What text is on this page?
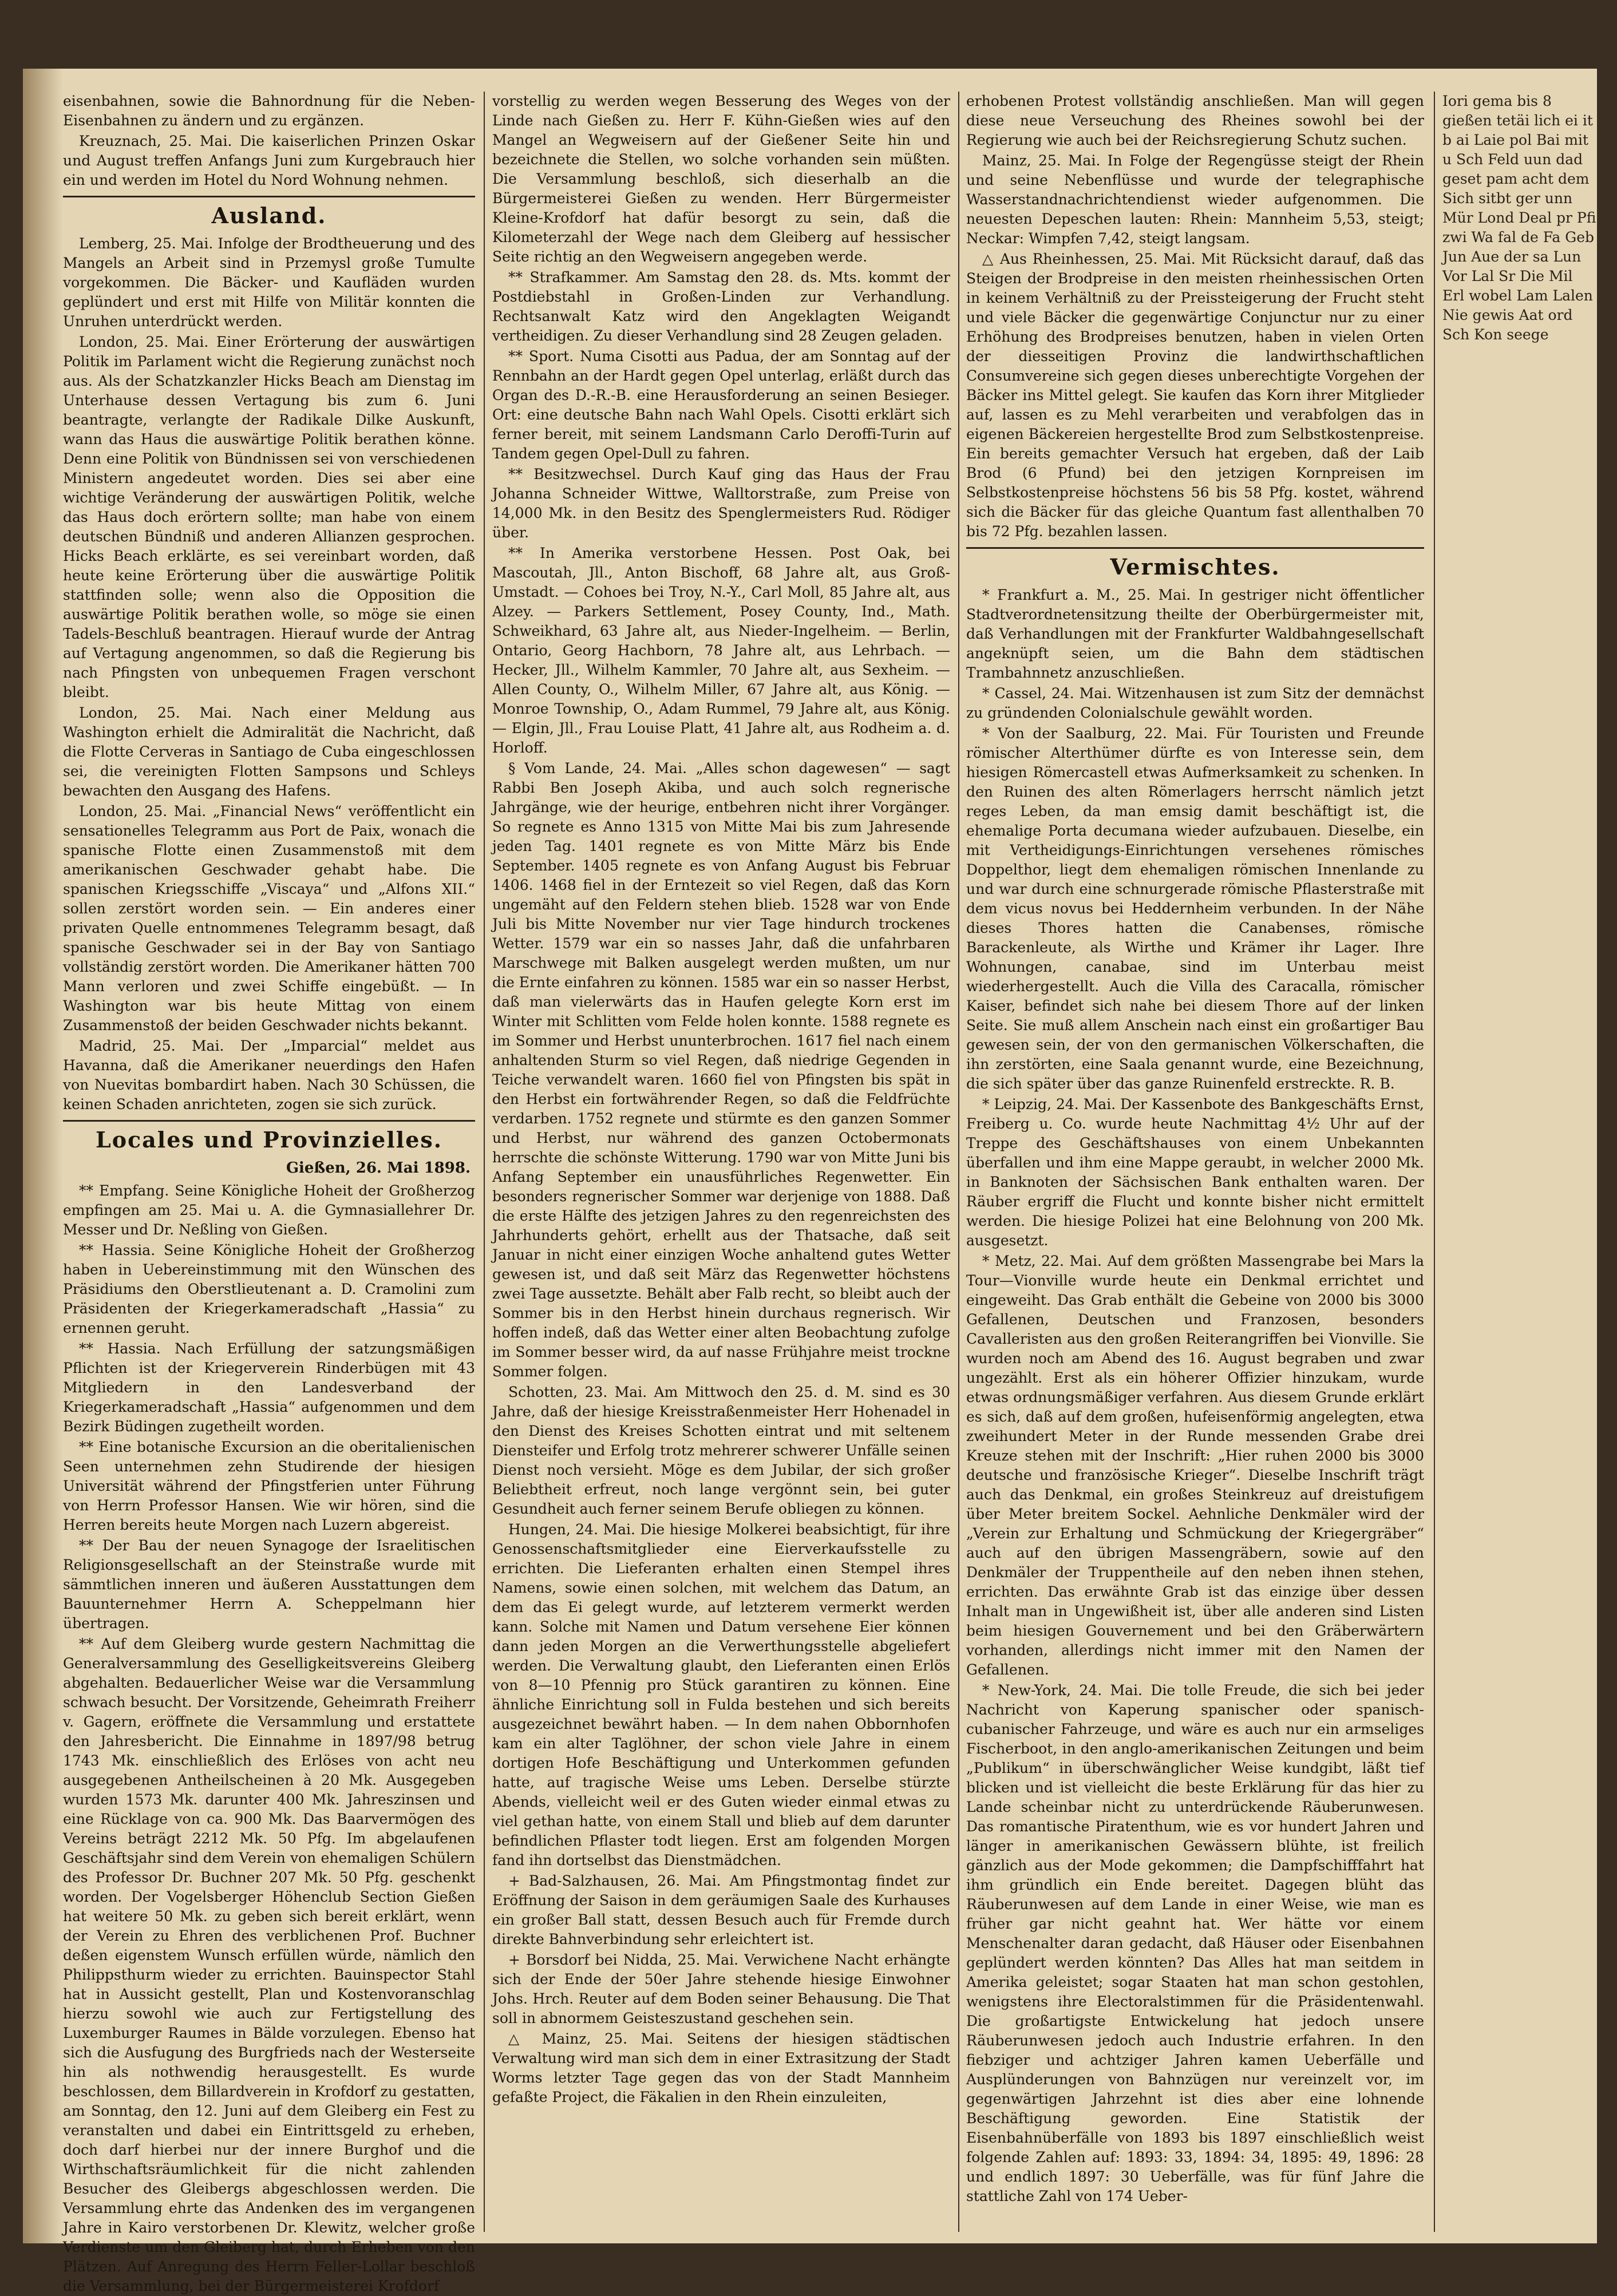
eisenbahnen, sowie die Bahnordnung für die Neben-Eisenbahnen zu ändern und zu ergänzen.

Kreuznach, 25. Mai. Die kaiserlichen Prinzen Oskar und August treffen Anfangs Juni zum Kurgebrauch hier ein und werden im Hotel du Nord Wohnung nehmen.

Ausland.

Lemberg, 25. Mai. Infolge der Brodtheuerung und des Mangels an Arbeit sind in Przemysl große Tumulte vorgekommen. Die Bäcker- und Kaufläden wurden geplündert und erst mit Hilfe von Militär konnten die Unruhen unterdrückt werden.

London, 25. Mai. Einer Erörterung der auswärtigen Politik im Parlament wicht die Regierung zunächst noch aus. Als der Schatzkanzler Hicks Beach am Dienstag im Unterhause dessen Vertagung bis zum 6. Juni beantragte, verlangte der Radikale Dilke Auskunft, wann das Haus die auswärtige Politik berathen könne. Denn eine Politik von Bündnissen sei von verschiedenen Ministern angedeutet worden. Dies sei aber eine wichtige Veränderung der auswärtigen Politik, welche das Haus doch erörtern sollte; man habe von einem deutschen Bündniß und anderen Allianzen gesprochen. Hicks Beach erklärte, es sei vereinbart worden, daß heute keine Erörterung über die auswärtige Politik stattfinden solle; wenn also die Opposition die auswärtige Politik berathen wolle, so möge sie einen Tadels-Beschluß beantragen. Hierauf wurde der Antrag auf Vertagung angenommen, so daß die Regierung bis nach Pfingsten von unbequemen Fragen verschont bleibt.

London, 25. Mai. Nach einer Meldung aus Washington erhielt die Admiralität die Nachricht, daß die Flotte Cerveras in Santiago de Cuba eingeschlossen sei, die vereinigten Flotten Sampsons und Schleys bewachten den Ausgang des Hafens.

London, 25. Mai. „Financial News“ veröffentlicht ein sensationelles Telegramm aus Port de Paix, wonach die spanische Flotte einen Zusammenstoß mit dem amerikanischen Geschwader gehabt habe. Die spanischen Kriegsschiffe „Viscaya“ und „Alfons XII.“ sollen zerstört worden sein. — Ein anderes einer privaten Quelle entnommenes Telegramm besagt, daß spanische Geschwader sei in der Bay von Santiago vollständig zerstört worden. Die Amerikaner hätten 700 Mann verloren und zwei Schiffe eingebüßt. — In Washington war bis heute Mittag von einem Zusammenstoß der beiden Geschwader nichts bekannt.

Madrid, 25. Mai. Der „Imparcial“ meldet aus Havanna, daß die Amerikaner neuerdings den Hafen von Nuevitas bombardirt haben. Nach 30 Schüssen, die keinen Schaden anrichteten, zogen sie sich zurück.

Locales und Provinzielles.
Gießen, 26. Mai 1898.

** Empfang. Seine Königliche Hoheit der Großherzog empfingen am 25. Mai u. A. die Gymnasiallehrer Dr. Messer und Dr. Neßling von Gießen.

** Hassia. Seine Königliche Hoheit der Großherzog haben in Uebereinstimmung mit den Wünschen des Präsidiums den Oberstlieutenant a. D. Cramolini zum Präsidenten der Kriegerkameradschaft „Hassia“ zu ernennen geruht.

** Hassia. Nach Erfüllung der satzungsmäßigen Pflichten ist der Kriegerverein Rinderbügen mit 43 Mitgliedern in den Landesverband der Kriegerkameradschaft „Hassia“ aufgenommen und dem Bezirk Büdingen zugetheilt worden.

** Eine botanische Excursion an die oberitalienischen Seen unternehmen zehn Studirende der hiesigen Universität während der Pfingstferien unter Führung von Herrn Professor Hansen. Wie wir hören, sind die Herren bereits heute Morgen nach Luzern abgereist.

** Der Bau der neuen Synagoge der Israelitischen Religionsgesellschaft an der Steinstraße wurde mit sämmtlichen inneren und äußeren Ausstattungen dem Bauunternehmer Herrn A. Scheppelmann hier übertragen.

** Auf dem Gleiberg wurde gestern Nachmittag die Generalversammlung des Geselligkeitsvereins Gleiberg abgehalten. Bedauerlicher Weise war die Versammlung schwach besucht. Der Vorsitzende, Geheimrath Freiherr v. Gagern, eröffnete die Versammlung und erstattete den Jahresbericht. Die Einnahme in 1897/98 betrug 1743 Mk. einschließlich des Erlöses von acht neu ausgegebenen Antheilscheinen à 20 Mk. Ausgegeben wurden 1573 Mk. darunter 400 Mk. Jahreszinsen und eine Rücklage von ca. 900 Mk. Das Baarvermögen des Vereins beträgt 2212 Mk. 50 Pfg. Im abgelaufenen Geschäftsjahr sind dem Verein von ehemaligen Schülern des Professor Dr. Buchner 207 Mk. 50 Pfg. geschenkt worden. Der Vogelsberger Höhenclub Section Gießen hat weitere 50 Mk. zu geben sich bereit erklärt, wenn der Verein zu Ehren des verblichenen Prof. Buchner deßen eigenstem Wunsch erfüllen würde, nämlich den Philippsthurm wieder zu errichten. Bauinspector Stahl hat in Aussicht gestellt, Plan und Kostenvoranschlag hierzu sowohl wie auch zur Fertigstellung des Luxemburger Raumes in Bälde vorzulegen. Ebenso hat sich die Ausfugung des Burgfrieds nach der Westerseite hin als nothwendig herausgestellt. Es wurde beschlossen, dem Billardverein in Krofdorf zu gestatten, am Sonntag, den 12. Juni auf dem Gleiberg ein Fest zu veranstalten und dabei ein Eintrittsgeld zu erheben, doch darf hierbei nur der innere Burghof und die Wirthschaftsräumlichkeit für die nicht zahlenden Besucher des Gleibergs abgeschlossen werden. Die Versammlung ehrte das Andenken des im vergangenen Jahre in Kairo verstorbenen Dr. Klewitz, welcher große Verdienste um den Gleiberg hat, durch Erheben von den Plätzen. Auf Anregung des Herrn Feller-Lollar beschloß die Versammlung, bei der Bürgermeisterei Krofdorf

vorstellig zu werden wegen Besserung des Weges von der Linde nach Gießen zu. Herr F. Kühn-Gießen wies auf den Mangel an Wegweisern auf der Gießener Seite hin und bezeichnete die Stellen, wo solche vorhanden sein müßten. Die Versammlung beschloß, sich dieserhalb an die Bürgermeisterei Gießen zu wenden. Herr Bürgermeister Kleine-Krofdorf hat dafür besorgt zu sein, daß die Kilometerzahl der Wege nach dem Gleiberg auf hessischer Seite richtig an den Wegweisern angegeben werde.

** Strafkammer. Am Samstag den 28. ds. Mts. kommt der Postdiebstahl in Großen-Linden zur Verhandlung. Rechtsanwalt Katz wird den Angeklagten Weigandt vertheidigen. Zu dieser Verhandlung sind 28 Zeugen geladen.

** Sport. Numa Cisotti aus Padua, der am Sonntag auf der Rennbahn an der Hardt gegen Opel unterlag, erläßt durch das Organ des D.-R.-B. eine Herausforderung an seinen Besieger. Ort: eine deutsche Bahn nach Wahl Opels. Cisotti erklärt sich ferner bereit, mit seinem Landsmann Carlo Deroffi-Turin auf Tandem gegen Opel-Dull zu fahren.

** Besitzwechsel. Durch Kauf ging das Haus der Frau Johanna Schneider Wittwe, Walltorstraße, zum Preise von 14,000 Mk. in den Besitz des Spenglermeisters Rud. Rödiger über.

** In Amerika verstorbene Hessen. Post Oak, bei Mascoutah, Jll., Anton Bischoff, 68 Jahre alt, aus Groß-Umstadt. — Cohoes bei Troy, N.-Y., Carl Moll, 85 Jahre alt, aus Alzey. — Parkers Settlement, Posey County, Ind., Math. Schweikhard, 63 Jahre alt, aus Nieder-Ingelheim. — Berlin, Ontario, Georg Hachborn, 78 Jahre alt, aus Lehrbach. — Hecker, Jll., Wilhelm Kammler, 70 Jahre alt, aus Sexheim. — Allen County, O., Wilhelm Miller, 67 Jahre alt, aus König. — Monroe Township, O., Adam Rummel, 79 Jahre alt, aus König. — Elgin, Jll., Frau Louise Platt, 41 Jahre alt, aus Rodheim a. d. Horloff.

§ Vom Lande, 24. Mai. „Alles schon dagewesen“ — sagt Rabbi Ben Joseph Akiba, und auch solch regnerische Jahrgänge, wie der heurige, entbehren nicht ihrer Vorgänger. So regnete es Anno 1315 von Mitte Mai bis zum Jahresende jeden Tag. 1401 regnete es von Mitte März bis Ende September. 1405 regnete es von Anfang August bis Februar 1406. 1468 fiel in der Erntezeit so viel Regen, daß das Korn ungemäht auf den Feldern stehen blieb. 1528 war von Ende Juli bis Mitte November nur vier Tage hindurch trockenes Wetter. 1579 war ein so nasses Jahr, daß die unfahrbaren Marschwege mit Balken ausgelegt werden mußten, um nur die Ernte einfahren zu können. 1585 war ein so nasser Herbst, daß man vielerwärts das in Haufen gelegte Korn erst im Winter mit Schlitten vom Felde holen konnte. 1588 regnete es im Sommer und Herbst ununterbrochen. 1617 fiel nach einem anhaltenden Sturm so viel Regen, daß niedrige Gegenden in Teiche verwandelt waren. 1660 fiel von Pfingsten bis spät in den Herbst ein fortwährender Regen, so daß die Feldfrüchte verdarben. 1752 regnete und stürmte es den ganzen Sommer und Herbst, nur während des ganzen Octobermonats herrschte die schönste Witterung. 1790 war von Mitte Juni bis Anfang September ein unausführliches Regenwetter. Ein besonders regnerischer Sommer war derjenige von 1888. Daß die erste Hälfte des jetzigen Jahres zu den regenreichsten des Jahrhunderts gehört, erhellt aus der Thatsache, daß seit Januar in nicht einer einzigen Woche anhaltend gutes Wetter gewesen ist, und daß seit März das Regenwetter höchstens zwei Tage aussetzte. Behält aber Falb recht, so bleibt auch der Sommer bis in den Herbst hinein durchaus regnerisch. Wir hoffen indeß, daß das Wetter einer alten Beobachtung zufolge im Sommer besser wird, da auf nasse Frühjahre meist trockne Sommer folgen.

Schotten, 23. Mai. Am Mittwoch den 25. d. M. sind es 30 Jahre, daß der hiesige Kreisstraßenmeister Herr Hohenadel in den Dienst des Kreises Schotten eintrat und mit seltenem Diensteifer und Erfolg trotz mehrerer schwerer Unfälle seinen Dienst noch versieht. Möge es dem Jubilar, der sich großer Beliebtheit erfreut, noch lange vergönnt sein, bei guter Gesundheit auch ferner seinem Berufe obliegen zu können.

Hungen, 24. Mai. Die hiesige Molkerei beabsichtigt, für ihre Genossenschaftsmitglieder eine Eierverkaufsstelle zu errichten. Die Lieferanten erhalten einen Stempel ihres Namens, sowie einen solchen, mit welchem das Datum, an dem das Ei gelegt wurde, auf letzterem vermerkt werden kann. Solche mit Namen und Datum versehene Eier können dann jeden Morgen an die Verwerthungsstelle abgeliefert werden. Die Verwaltung glaubt, den Lieferanten einen Erlös von 8—10 Pfennig pro Stück garantiren zu können. Eine ähnliche Einrichtung soll in Fulda bestehen und sich bereits ausgezeichnet bewährt haben. — In dem nahen Obbornhofen kam ein alter Taglöhner, der schon viele Jahre in einem dortigen Hofe Beschäftigung und Unterkommen gefunden hatte, auf tragische Weise ums Leben. Derselbe stürzte Abends, vielleicht weil er des Guten wieder einmal etwas zu viel gethan hatte, von einem Stall und blieb auf dem darunter befindlichen Pflaster todt liegen. Erst am folgenden Morgen fand ihn dortselbst das Dienstmädchen.

+ Bad-Salzhausen, 26. Mai. Am Pfingstmontag findet zur Eröffnung der Saison in dem geräumigen Saale des Kurhauses ein großer Ball statt, dessen Besuch auch für Fremde durch direkte Bahnverbindung sehr erleichtert ist.

+ Borsdorf bei Nidda, 25. Mai. Verwichene Nacht erhängte sich der Ende der 50er Jahre stehende hiesige Einwohner Johs. Hrch. Reuter auf dem Boden seiner Behausung. Die That soll in abnormem Geisteszustand geschehen sein.

△ Mainz, 25. Mai. Seitens der hiesigen städtischen Verwaltung wird man sich dem in einer Extrasitzung der Stadt Worms letzter Tage gegen das von der Stadt Mannheim gefaßte Project, die Fäkalien in den Rhein einzuleiten,

erhobenen Protest vollständig anschließen. Man will gegen diese neue Verseuchung des Rheines sowohl bei der Regierung wie auch bei der Reichsregierung Schutz suchen.

Mainz, 25. Mai. In Folge der Regengüsse steigt der Rhein und seine Nebenflüsse und wurde der telegraphische Wasserstandnachrichtendienst wieder aufgenommen. Die neuesten Depeschen lauten: Rhein: Mannheim 5,53, steigt; Neckar: Wimpfen 7,42, steigt langsam.

△ Aus Rheinhessen, 25. Mai. Mit Rücksicht darauf, daß das Steigen der Brodpreise in den meisten rheinhessischen Orten in keinem Verhältniß zu der Preissteigerung der Frucht steht und viele Bäcker die gegenwärtige Conjunctur nur zu einer Erhöhung des Brodpreises benutzen, haben in vielen Orten der diesseitigen Provinz die landwirthschaftlichen Consumvereine sich gegen dieses unberechtigte Vorgehen der Bäcker ins Mittel gelegt. Sie kaufen das Korn ihrer Mitglieder auf, lassen es zu Mehl verarbeiten und verabfolgen das in eigenen Bäckereien hergestellte Brod zum Selbstkostenpreise. Ein bereits gemachter Versuch hat ergeben, daß der Laib Brod (6 Pfund) bei den jetzigen Kornpreisen im Selbstkostenpreise höchstens 56 bis 58 Pfg. kostet, während sich die Bäcker für das gleiche Quantum fast allenthalben 70 bis 72 Pfg. bezahlen lassen.

Vermischtes.

* Frankfurt a. M., 25. Mai. In gestriger nicht öffentlicher Stadtverordnetensitzung theilte der Oberbürgermeister mit, daß Verhandlungen mit der Frankfurter Waldbahngesellschaft angeknüpft seien, um die Bahn dem städtischen Trambahnnetz anzuschließen.

* Cassel, 24. Mai. Witzenhausen ist zum Sitz der demnächst zu gründenden Colonialschule gewählt worden.

* Von der Saalburg, 22. Mai. Für Touristen und Freunde römischer Alterthümer dürfte es von Interesse sein, dem hiesigen Römercastell etwas Aufmerksamkeit zu schenken. In den Ruinen des alten Römerlagers herrscht nämlich jetzt reges Leben, da man emsig damit beschäftigt ist, die ehemalige Porta decumana wieder aufzubauen. Dieselbe, ein mit Vertheidigungs-Einrichtungen versehenes römisches Doppelthor, liegt dem ehemaligen römischen Innenlande zu und war durch eine schnurgerade römische Pflasterstraße mit dem vicus novus bei Heddernheim verbunden. In der Nähe dieses Thores hatten die Canabenses, römische Barackenleute, als Wirthe und Krämer ihr Lager. Ihre Wohnungen, canabae, sind im Unterbau meist wiederhergestellt. Auch die Villa des Caracalla, römischer Kaiser, befindet sich nahe bei diesem Thore auf der linken Seite. Sie muß allem Anschein nach einst ein großartiger Bau gewesen sein, der von den germanischen Völkerschaften, die ihn zerstörten, eine Saala genannt wurde, eine Bezeichnung, die sich später über das ganze Ruinenfeld erstreckte. R. B.

* Leipzig, 24. Mai. Der Kassenbote des Bankgeschäfts Ernst, Freiberg u. Co. wurde heute Nachmittag 4½ Uhr auf der Treppe des Geschäftshauses von einem Unbekannten überfallen und ihm eine Mappe geraubt, in welcher 2000 Mk. in Banknoten der Sächsischen Bank enthalten waren. Der Räuber ergriff die Flucht und konnte bisher nicht ermittelt werden. Die hiesige Polizei hat eine Belohnung von 200 Mk. ausgesetzt.

* Metz, 22. Mai. Auf dem größten Massengrabe bei Mars la Tour—Vionville wurde heute ein Denkmal errichtet und eingeweiht. Das Grab enthält die Gebeine von 2000 bis 3000 Gefallenen, Deutschen und Franzosen, besonders Cavalleristen aus den großen Reiterangriffen bei Vionville. Sie wurden noch am Abend des 16. August begraben und zwar ungezählt. Erst als ein höherer Offizier hinzukam, wurde etwas ordnungsmäßiger verfahren. Aus diesem Grunde erklärt es sich, daß auf dem großen, hufeisenförmig angelegten, etwa zweihundert Meter in der Runde messenden Grabe drei Kreuze stehen mit der Inschrift: „Hier ruhen 2000 bis 3000 deutsche und französische Krieger“. Dieselbe Inschrift trägt auch das Denkmal, ein großes Steinkreuz auf dreistufigem über Meter breitem Sockel. Aehnliche Denkmäler wird der „Verein zur Erhaltung und Schmückung der Kriegergräber“ auch auf den übrigen Massengräbern, sowie auf den Denkmäler der Truppentheile auf den neben ihnen stehen, errichten. Das erwähnte Grab ist das einzige über dessen Inhalt man in Ungewißheit ist, über alle anderen sind Listen beim hiesigen Gouvernement und bei den Gräberwärtern vorhanden, allerdings nicht immer mit den Namen der Gefallenen.

* New-York, 24. Mai. Die tolle Freude, die sich bei jeder Nachricht von Kaperung spanischer oder spanisch-cubanischer Fahrzeuge, und wäre es auch nur ein armseliges Fischerboot, in den anglo-amerikanischen Zeitungen und beim „Publikum“ in überschwänglicher Weise kundgibt, läßt tief blicken und ist vielleicht die beste Erklärung für das hier zu Lande scheinbar nicht zu unterdrückende Räuberunwesen. Das romantische Piratenthum, wie es vor hundert Jahren und länger in amerikanischen Gewässern blühte, ist freilich gänzlich aus der Mode gekommen; die Dampfschifffahrt hat ihm gründlich ein Ende bereitet. Dagegen blüht das Räuberunwesen auf dem Lande in einer Weise, wie man es früher gar nicht geahnt hat. Wer hätte vor einem Menschenalter daran gedacht, daß Häuser oder Eisenbahnen geplündert werden könnten? Das Alles hat man seitdem in Amerika geleistet; sogar Staaten hat man schon gestohlen, wenigstens ihre Electoralstimmen für die Präsidentenwahl. Die großartigste Entwickelung hat jedoch unsere Räuberunwesen jedoch auch Industrie erfahren. In den fiebziger und achtziger Jahren kamen Ueberfälle und Ausplünderungen von Bahnzügen nur vereinzelt vor, im gegenwärtigen Jahrzehnt ist dies aber eine lohnende Beschäftigung geworden. Eine Statistik der Eisenbahnüberfälle von 1893 bis 1897 einschließlich weist folgende Zahlen auf: 1893: 33, 1894: 34, 1895: 49, 1896: 28 und endlich 1897: 30 Ueberfälle, was für fünf Jahre die stattliche Zahl von 174 Ueber-

Iori gema bis 8 gießen tetäi lich ei it b ai Laie pol Bai mit u Sch Feld uun dad geset pam acht dem Sich sitbt ger unn Mür Lond Deal pr Pfi zwi Wa fal de Fa Geb Jun Aue der sa Lun Vor Lal Sr Die Mil Erl wobel Lam Lalen Nie gewis Aat ord Sch Kon seege
